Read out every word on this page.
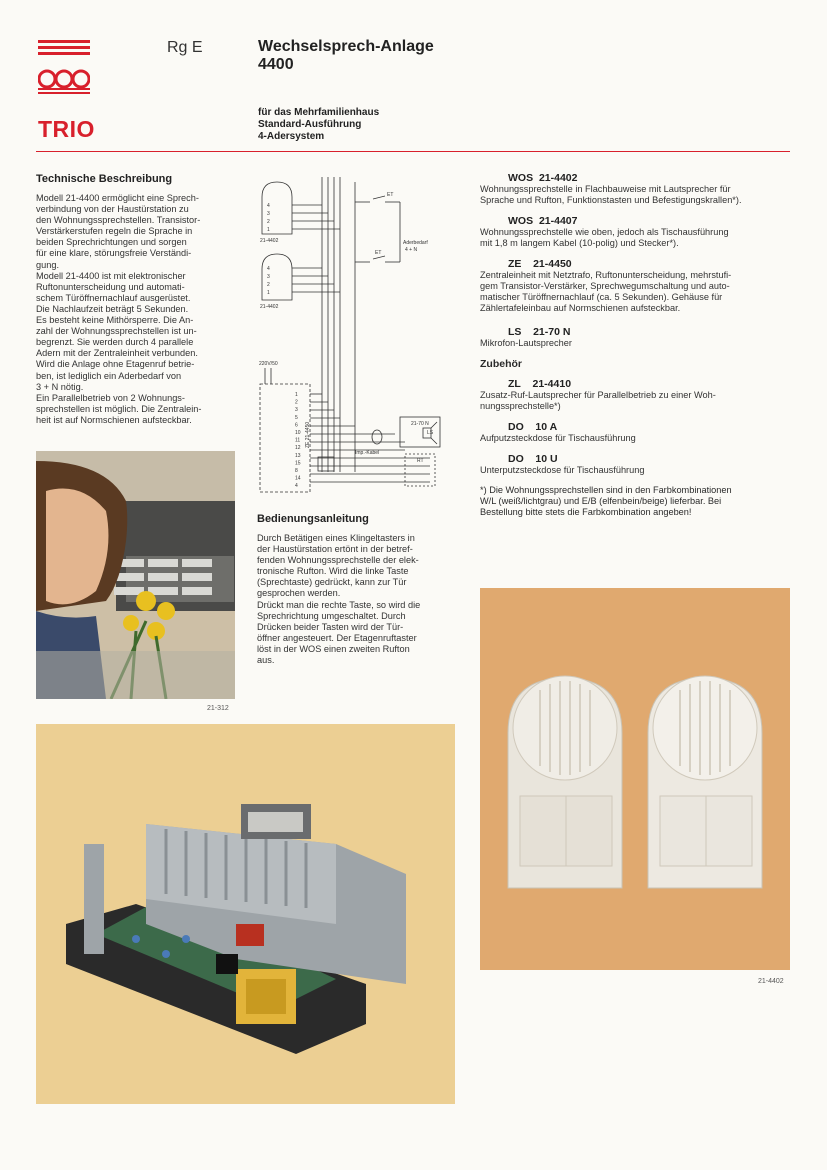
TRIO
Rg E	Wechselsprech-Anlage
4400
für das Mehrfamilienhaus
Standard-Ausführung
4-Adersystem
Technische Beschreibung

Modell 21-4400 ermöglicht eine Sprech-
verbindung von der Haustürstation zu
den Wohnungssprechstellen. Transistor-
Verstärkerstufen regeln die Sprache in
beiden Sprechrichtungen und sorgen
für eine klare, störungsfreie Verständi-
gung.
Modell 21-4400 ist mit elektronischer
Ruftonunterscheidung und automati-
schem Türöffnernachlauf ausgerüstet.
Die Nachlaufzeit beträgt 5 Sekunden.
Es besteht keine Mithörsperre. Die An-
zahl der Wohnungssprechstellen ist un-
begrenzt. Sie werden durch 4 parallele
Adern mit der Zentraleinheit verbunden.
Wird die Anlage ohne Etagenruf betrie-
ben, ist lediglich ein Aderbedarf von
3 + N nötig.
Ein Parallelbetrieb von 2 Wohnungs-
sprechstellen ist möglich. Die Zentralein-
heit ist auf Normschienen aufsteckbar.

21-312
4
3
2
1
21-4402
4
3
2
1
21-4402
ET
ET
Aderbedarf
4 + N
220V/50
ZE 21-4450
Imp.-Kabel
21-70 N
LS
RT
1
2
3
5
6
10
11
12
13
15
8
14
4
Bedienungsanleitung

Durch Betätigen eines Klingeltasters in
der Haustürstation ertönt in der betref-
fenden Wohnungssprechstelle der elek-
tronische Rufton. Wird die linke Taste
(Sprechtaste) gedrückt, kann zur Tür
gesprochen werden.
Drückt man die rechte Taste, so wird die
Sprechrichtung umgeschaltet. Durch
Drücken beider Tasten wird der Tür-
öffner angesteuert. Der Etagenruftaster
löst in der WOS einen zweiten Rufton
aus.

WOS 21-4402
Wohnungssprechstelle in Flachbauweise mit Lautsprecher für
Sprache und Rufton, Funktionstasten und Befestigungskrallen*).
WOS 21-4407
Wohnungssprechstelle wie oben, jedoch als Tischausführung
mit 1,8 m langem Kabel (10-polig) und Stecker*).
ZE 21-4450
Zentraleinheit mit Netztrafo, Ruftonunterscheidung, mehrstufi-
gem Transistor-Verstärker, Sprechwegumschaltung und auto-
matischer Türöffnernachlauf (ca. 5 Sekunden). Gehäuse für
Zählertafeleinbau auf Normschienen aufsteckbar.
LS 21-70 N
Mikrofon-Lautsprecher
Zubehör
ZL 21-4410
Zusatz-Ruf-Lautsprecher für Parallelbetrieb zu einer Woh-
nungssprechstelle*)
DO 10 A
Aufputzsteckdose für Tischausführung
DO 10 U
Unterputzsteckdose für Tischausführung
*) Die Wohnungssprechstellen sind in den Farbkombinationen
W/L (weiß/lichtgrau) und E/B (elfenbein/beige) lieferbar. Bei
Bestellung bitte stets die Farbkombination angeben!
21-4402
